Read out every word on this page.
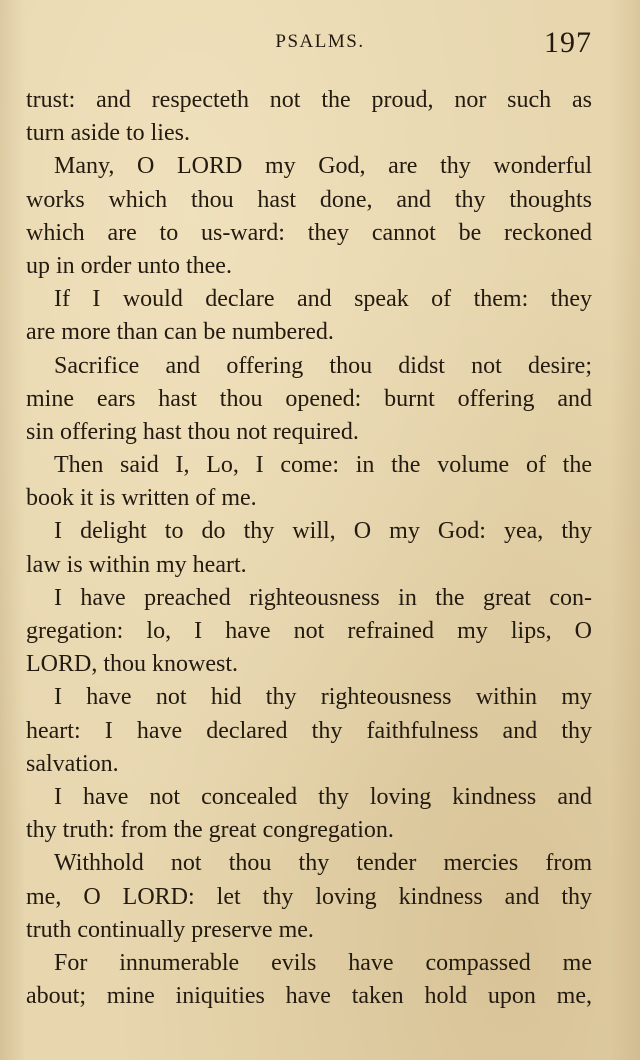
PSALMS.	197
trust: and respecteth not the proud, nor such as
turn aside to lies.
Many, O LORD my God, are thy wonderful
works which thou hast done, and thy thoughts
which are to us-ward: they cannot be reckoned
up in order unto thee.
If I would declare and speak of them: they
are more than can be numbered.
Sacrifice and offering thou didst not desire;
mine ears hast thou opened: burnt offering and
sin offering hast thou not required.
Then said I, Lo, I come: in the volume of the
book it is written of me.
I delight to do thy will, O my God: yea, thy
law is within my heart.
I have preached righteousness in the great con-
gregation: lo, I have not refrained my lips, O
LORD, thou knowest.
I have not hid thy righteousness within my
heart: I have declared thy faithfulness and thy
salvation.
I have not concealed thy loving kindness and
thy truth: from the great congregation.
Withhold not thou thy tender mercies from
me, O LORD: let thy loving kindness and thy
truth continually preserve me.
For innumerable evils have compassed me
about; mine iniquities have taken hold upon me,
